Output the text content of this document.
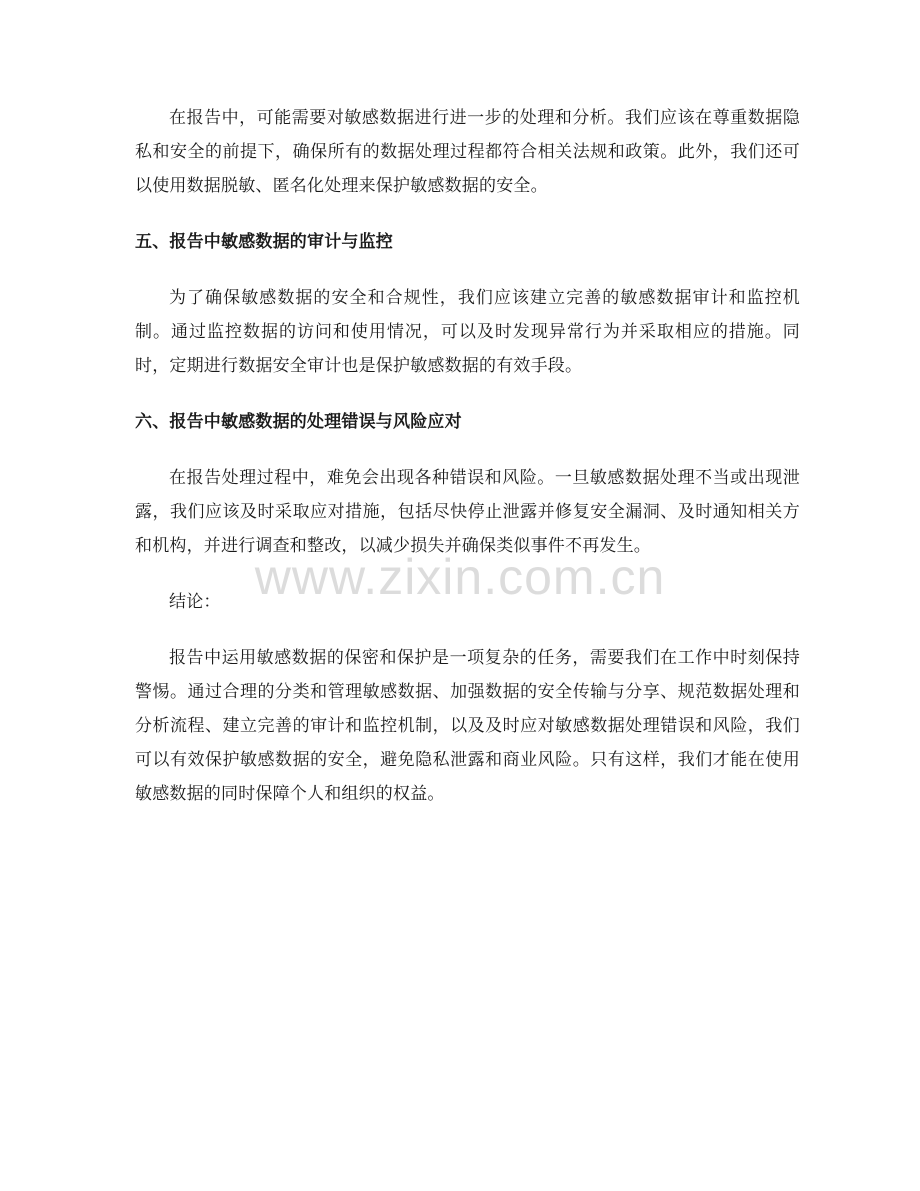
在报告中，可能需要对敏感数据进行进一步的处理和分析。我们应该在尊重数据隐私和安全的前提下，确保所有的数据处理过程都符合相关法规和政策。此外，我们还可以使用数据脱敏、匿名化处理来保护敏感数据的安全。

五、报告中敏感数据的审计与监控

为了确保敏感数据的安全和合规性，我们应该建立完善的敏感数据审计和监控机制。通过监控数据的访问和使用情况，可以及时发现异常行为并采取相应的措施。同时，定期进行数据安全审计也是保护敏感数据的有效手段。

六、报告中敏感数据的处理错误与风险应对

在报告处理过程中，难免会出现各种错误和风险。一旦敏感数据处理不当或出现泄露，我们应该及时采取应对措施，包括尽快停止泄露并修复安全漏洞、及时通知相关方和机构，并进行调查和整改，以减少损失并确保类似事件不再发生。

结论：

报告中运用敏感数据的保密和保护是一项复杂的任务，需要我们在工作中时刻保持警惕。通过合理的分类和管理敏感数据、加强数据的安全传输与分享、规范数据处理和分析流程、建立完善的审计和监控机制，以及及时应对敏感数据处理错误和风险，我们可以有效保护敏感数据的安全，避免隐私泄露和商业风险。只有这样，我们才能在使用敏感数据的同时保障个人和组织的权益。

www.zixin.com.cn
